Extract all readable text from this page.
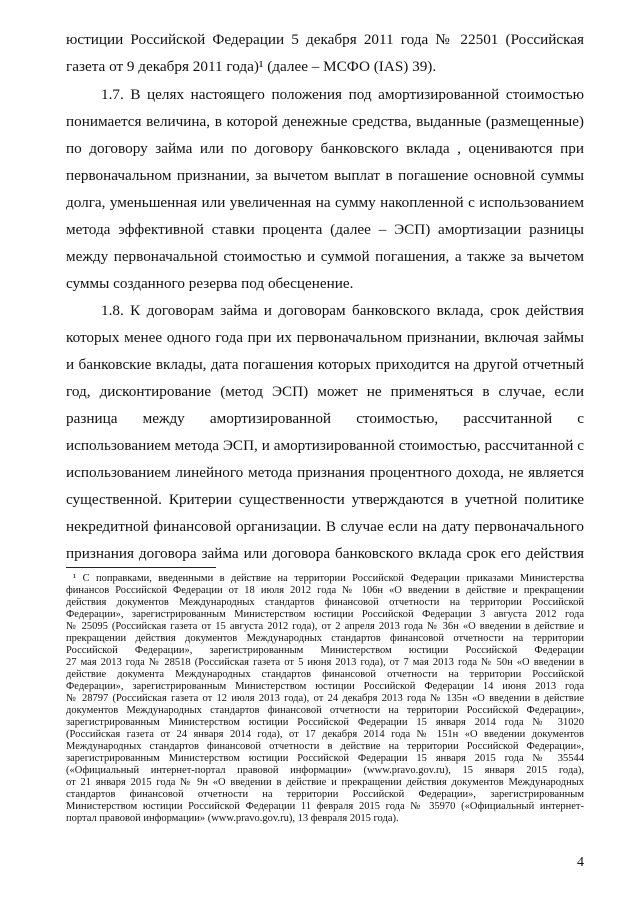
юстиции Российской Федерации 5 декабря 2011 года № 22501 (Российская
газета от 9 декабря 2011 года)¹ (далее – МСФО (IAS) 39).
1.7. В целях настоящего положения под амортизированной стоимостью
понимается величина, в которой денежные средства, выданные (размещенные)
по договору займа или по договору банковского вклада , оцениваются при
первоначальном признании, за вычетом выплат в погашение основной суммы
долга, уменьшенная или увеличенная на сумму накопленной с использованием
метода эффективной ставки процента (далее – ЭСП) амортизации разницы
между первоначальной стоимостью и суммой погашения, а также за вычетом
суммы созданного резерва под обесценение.
1.8. К договорам займа и договорам банковского вклада, срок действия
которых менее одного года при их первоначальном признании, включая займы
и банковские вклады, дата погашения которых приходится на другой отчетный
год, дисконтирование (метод ЭСП) может не применяться в случае, если
разница между амортизированной стоимостью, рассчитанной с
использованием метода ЭСП, и амортизированной стоимостью, рассчитанной с
использованием линейного метода признания процентного дохода, не является
существенной. Критерии существенности утверждаются в учетной политике
некредитной финансовой организации. В случае если на дату первоначального
признания договора займа или договора банковского вклада срок его действия
¹ С поправками, введенными в действие на территории Российской Федерации приказами Министерства
финансов Российской Федерации от 18 июля 2012 года № 106н «О введении в действие и прекращении
действия документов Международных стандартов финансовой отчетности на территории Российской
Федерации», зарегистрированным Министерством юстиции Российской Федерации 3 августа 2012 года
№ 25095 (Российская газета от 15 августа 2012 года), от 2 апреля 2013 года № 36н «О введении в действие и
прекращении действия документов Международных стандартов финансовой отчетности на территории
Российской Федерации», зарегистрированным Министерством юстиции Российской Федерации
27 мая 2013 года № 28518 (Российская газета от 5 июня 2013 года), от 7 мая 2013 года № 50н «О введении в
действие документа Международных стандартов финансовой отчетности на территории Российской
Федерации», зарегистрированным Министерством юстиции Российской Федерации 14 июня 2013 года
№ 28797 (Российская газета от 12 июля 2013 года), от 24 декабря 2013 года № 135н «О введении в действие
документов Международных стандартов финансовой отчетности на территории Российской Федерации»,
зарегистрированным Министерством юстиции Российской Федерации 15 января 2014 года № 31020
(Российская газета от 24 января 2014 года), от 17 декабря 2014 года № 151н «О введении документов
Международных стандартов финансовой отчетности в действие на территории Российской Федерации»,
зарегистрированным Министерством юстиции Российской Федерации 15 января 2015 года № 35544
(«Официальный интернет-портал правовой информации» (www.pravo.gov.ru), 15 января 2015 года),
от 21 января 2015 года № 9н «О введении в действие и прекращении действия документов Международных
стандартов финансовой отчетности на территории Российской Федерации», зарегистрированным
Министерством юстиции Российской Федерации 11 февраля 2015 года № 35970 («Официальный интернет-
портал правовой информации» (www.pravo.gov.ru), 13 февраля 2015 года).
4
